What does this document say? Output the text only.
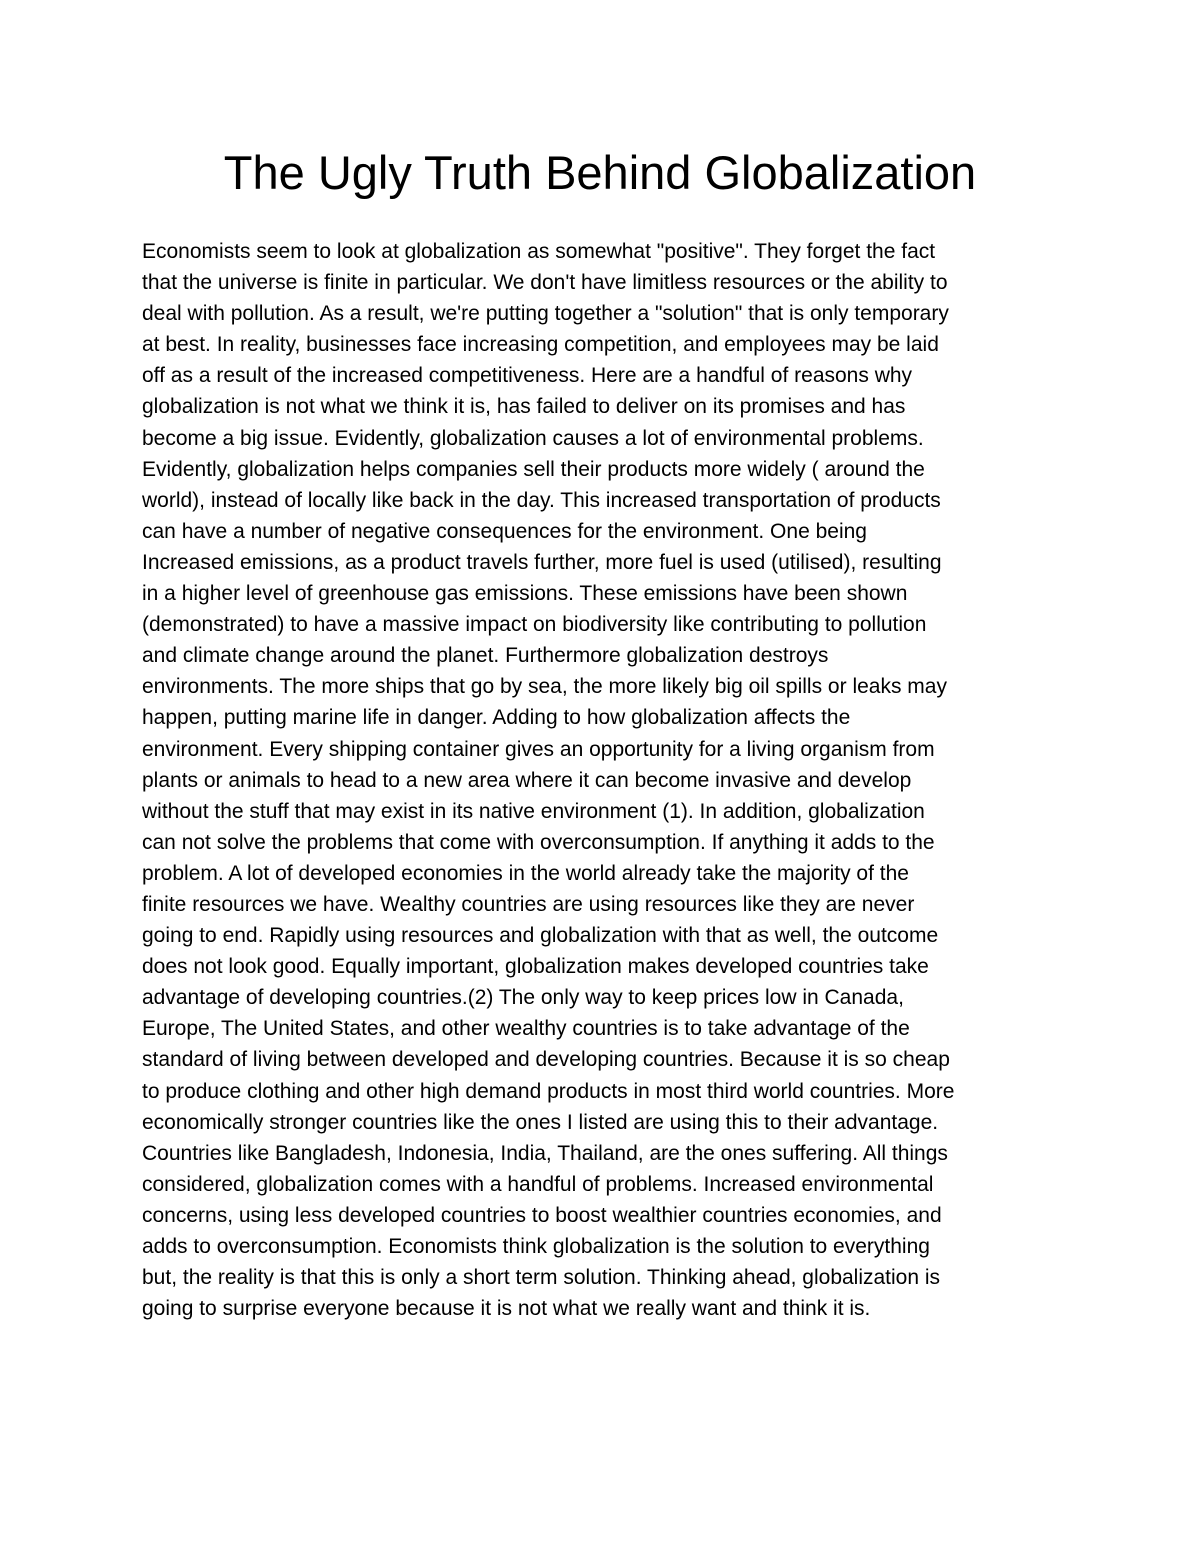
The Ugly Truth Behind Globalization
Economists seem to look at globalization as somewhat "positive". They forget the fact
that the universe is finite in particular. We don't have limitless resources or the ability to
deal with pollution. As a result, we're putting together a "solution" that is only temporary
at best. In reality, businesses face increasing competition, and employees may be laid
off as a result of the increased competitiveness. Here are a handful of reasons why
globalization is not what we think it is, has failed to deliver on its promises and has
become a big issue. Evidently, globalization causes a lot of environmental problems.
Evidently, globalization helps companies sell their products more widely ( around the
world), instead of locally like back in the day. This increased transportation of products
can have a number of negative consequences for the environment. One being
Increased emissions, as a product travels further, more fuel is used (utilised), resulting
in a higher level of greenhouse gas emissions. These emissions have been shown
(demonstrated) to have a massive impact on biodiversity like contributing to pollution
and climate change around the planet. Furthermore globalization destroys
environments. The more ships that go by sea, the more likely big oil spills or leaks may
happen, putting marine life in danger. Adding to how globalization affects the
environment. Every shipping container gives an opportunity for a living organism from
plants or animals to head to a new area where it can become invasive and develop
without the stuff that may exist in its native environment (1). In addition, globalization
can not solve the problems that come with overconsumption. If anything it adds to the
problem. A lot of developed economies in the world already take the majority of the
finite resources we have. Wealthy countries are using resources like they are never
going to end. Rapidly using resources and globalization with that as well, the outcome
does not look good. Equally important, globalization makes developed countries take
advantage of developing countries.(2) The only way to keep prices low in Canada,
Europe, The United States, and other wealthy countries is to take advantage of the
standard of living between developed and developing countries. Because it is so cheap
to produce clothing and other high demand products in most third world countries. More
economically stronger countries like the ones I listed are using this to their advantage.
Countries like Bangladesh, Indonesia, India, Thailand, are the ones suffering. All things
considered, globalization comes with a handful of problems. Increased environmental
concerns, using less developed countries to boost wealthier countries economies, and
adds to overconsumption. Economists think globalization is the solution to everything
but, the reality is that this is only a short term solution. Thinking ahead, globalization is
going to surprise everyone because it is not what we really want and think it is.
